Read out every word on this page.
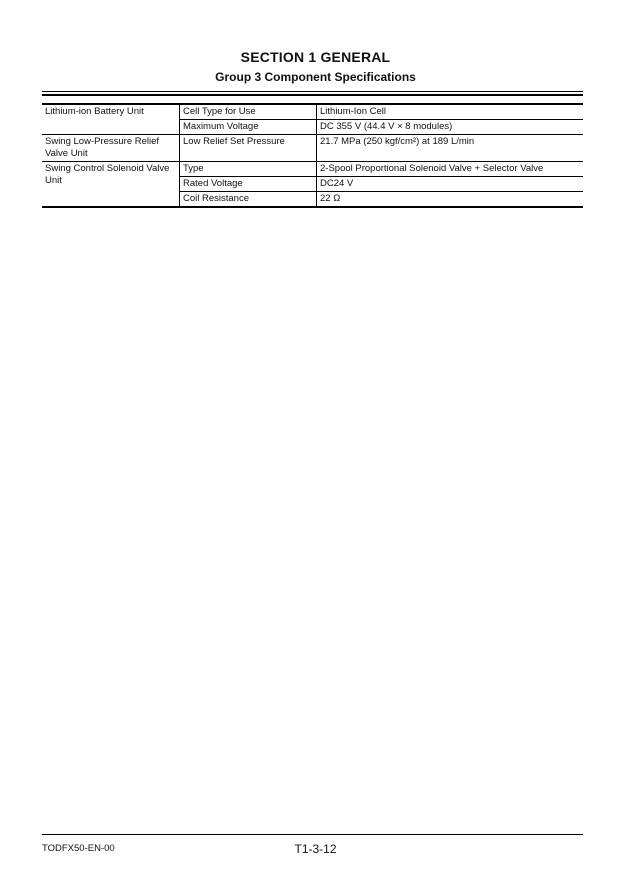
SECTION 1 GENERAL
Group 3 Component Specifications
Lithium-ion Battery Unit	Cell Type for Use	Lithium-Ion Cell
	Maximum Voltage	DC 355 V (44.4 V × 8 modules)
Swing Low-Pressure Relief Valve Unit	Low Relief Set Pressure	21.7 MPa (250 kgf/cm²) at 189 L/min
Swing Control Solenoid Valve Unit	Type	2-Spool Proportional Solenoid Valve + Selector Valve
	Rated Voltage	DC24 V
	Coil Resistance	22 Ω
TODFX50-EN-00	T1-3-12
